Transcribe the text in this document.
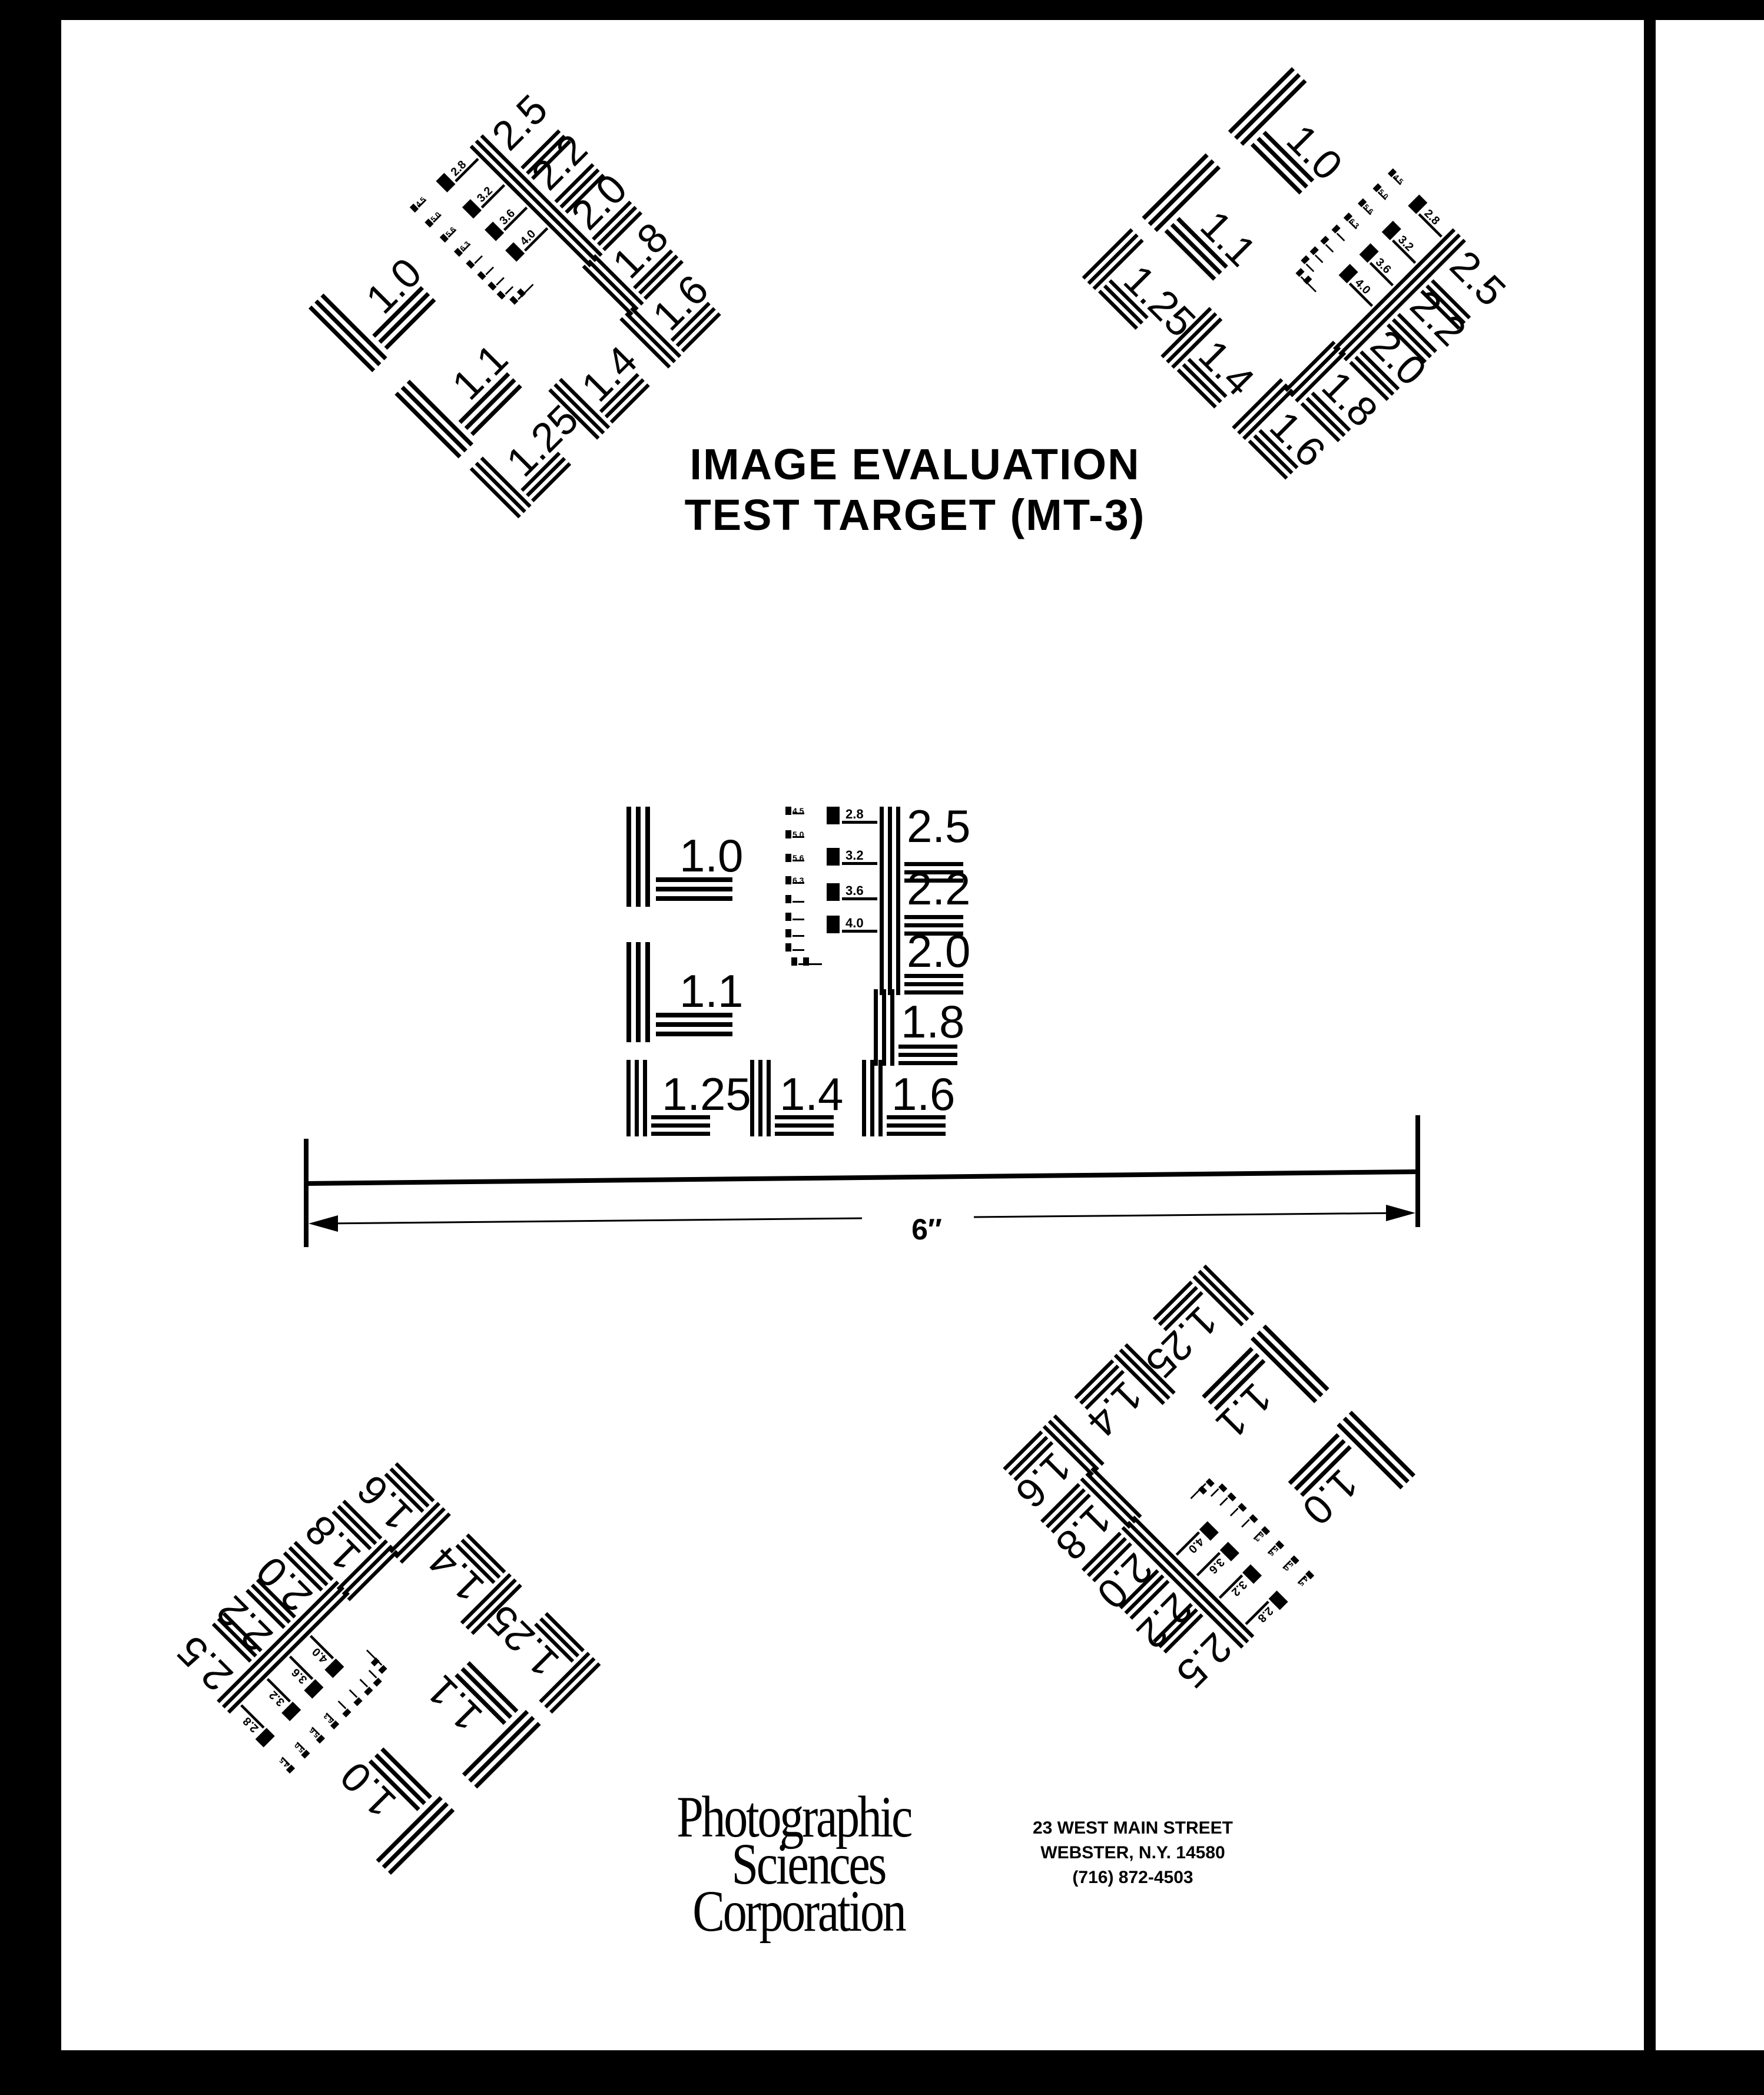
IMAGE EVALUATION
TEST TARGET (MT-3)
6″
Photographic
Sciences
Corporation
23 WEST MAIN STREET
WEBSTER, N.Y. 14580
(716) 872-4503
